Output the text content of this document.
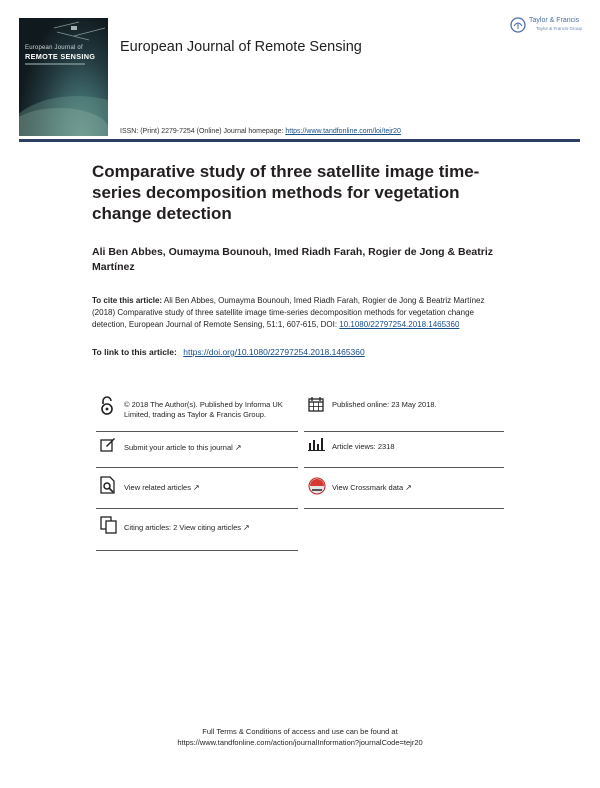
European Journal of
REMOTE SENSING
European Journal of Remote Sensing
Taylor & Francis
Taylor & Francis Group
ISSN: (Print) 2279-7254 (Online) Journal homepage: https://www.tandfonline.com/loi/tejr20
Comparative study of three satellite image time-series decomposition methods for vegetation change detection
Ali Ben Abbes, Oumayma Bounouh, Imed Riadh Farah, Rogier de Jong & Beatriz Martínez
To cite this article: Ali Ben Abbes, Oumayma Bounouh, Imed Riadh Farah, Rogier de Jong & Beatriz Martínez (2018) Comparative study of three satellite image time-series decomposition methods for vegetation change detection, European Journal of Remote Sensing, 51:1, 607-615, DOI: 10.1080/22797254.2018.1465360
To link to this article: https://doi.org/10.1080/22797254.2018.1465360
© 2018 The Author(s). Published by Informa UK Limited, trading as Taylor & Francis Group.
Published online: 23 May 2018.
Submit your article to this journal ↗	Article views: 2318
View related articles ↗	View Crossmark data ↗
Citing articles: 2 View citing articles ↗
Full Terms & Conditions of access and use can be found at
https://www.tandfonline.com/action/journalInformation?journalCode=tejr20
